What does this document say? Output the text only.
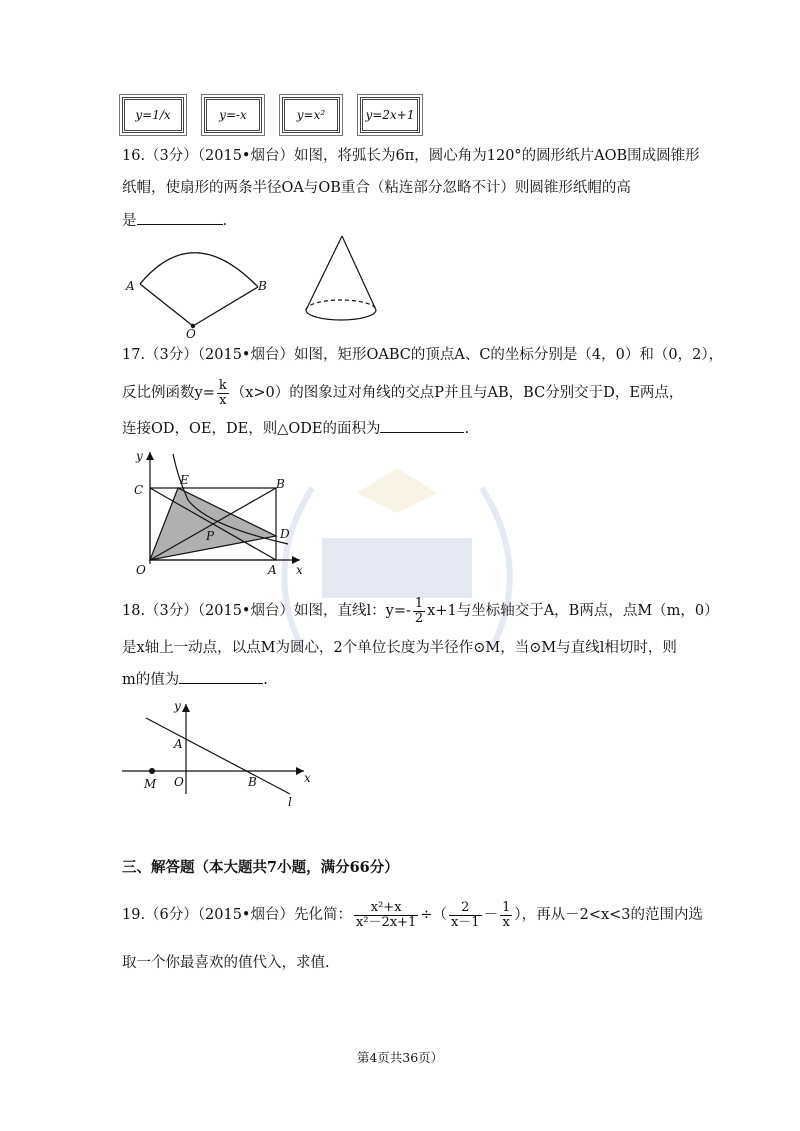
y=1/x	y=-x	y=x²	y=2x+1
16.（3分）（2015•烟台）如图，将弧长为6π，圆心角为120°的圆形纸片AOB围成圆锥形
纸帽，使扇形的两条半径OA与OB重合（粘连部分忽略不计）则圆锥形纸帽的高
是	.
A	B
O
17.（3分）（2015•烟台）如图，矩形OABC的顶点A、C的坐标分别是（4，0）和（0，2），
反比例函数$y= \frac{k}{x} (x>0)$的图象过对角线的交点P并且与AB，BC分别交于D，E两点，
连接OD，OE，DE，则△ODE的面积为	.
y
C
E	B
P	D
O	A x
18.（3分）（2015•烟台）如图，直线l：$y=- \frac{1}{2} x+1$与坐标轴交于A，B两点，点M（m，0）
是x轴上一动点，以点M为圆心，2个单位长度为半径作⊙M，当⊙M与直线l相切时，则
m的值为	.
y
A
M O	B	x
l
三、解答题（本大题共7小题，满分66分）
19.（6分）（2015•烟台）先化简： $\frac{\text{x²+x}}{\text{x²－2x+1}}$ ÷（ $\frac{2}{x-1} - \frac{1}{x}$ ），再从－2<x<3的范围内选
取一个你最喜欢的值代入，求值.
第4页共36页）
